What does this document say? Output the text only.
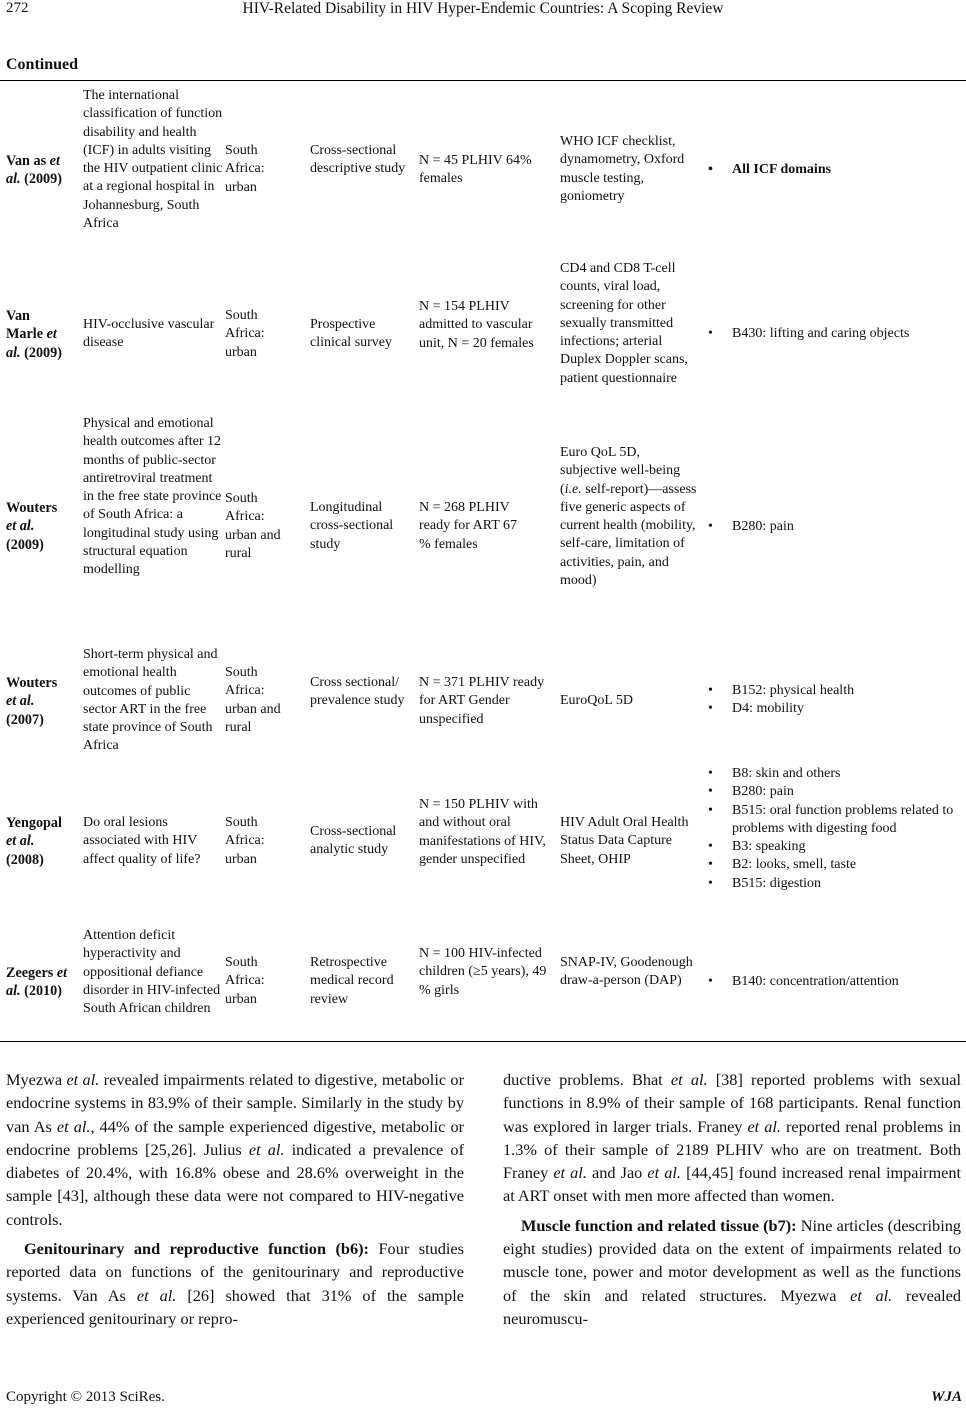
272	HIV-Related Disability in HIV Hyper-Endemic Countries: A Scoping Review
Continued
Van as et
al. (2009)
The international classification of function disability and health (ICF) in adults visiting the HIV outpatient clinic at a regional hospital in Johannesburg, South Africa
South Africa: urban
Cross-sectional descriptive study
N = 45 PLHIV 64% females
WHO ICF checklist, dynamometry, Oxford muscle testing, goniometry
• All ICF domains
Van
Marle et
al. (2009)
HIV-occlusive vascular disease
South Africa: urban
Prospective clinical survey
N = 154 PLHIV admitted to vascular unit, N = 20 females
CD4 and CD8 T-cell counts, viral load, screening for other sexually transmitted infections; arterial Duplex Doppler scans, patient questionnaire
• B430: lifting and caring objects
Wouters
et al.
(2009)
Physical and emotional health outcomes after 12 months of public-sector antiretroviral treatment in the free state province of South Africa: a longitudinal study using structural equation modelling
South Africa: urban and rural
Longitudinal cross-sectional study
N = 268 PLHIV ready for ART 67 % females
Euro QoL 5D, subjective well-being (i.e. self-report)—assess five generic aspects of current health (mobility, self-care, limitation of activities, pain, and mood)
• B280: pain
Wouters
et al.
(2007)
Short-term physical and emotional health outcomes of public sector ART in the free state province of South Africa
South Africa: urban and rural
Cross sectional/ prevalence study
N = 371 PLHIV ready for ART Gender unspecified
EuroQoL 5D
• B152: physical health
• D4: mobility
Yengopal
et al.
(2008)
Do oral lesions associated with HIV affect quality of life?
South Africa: urban
Cross-sectional analytic study
N = 150 PLHIV with and without oral manifestations of HIV, gender unspecified
HIV Adult Oral Health Status Data Capture Sheet, OHIP
• B8: skin and others
• B280: pain
• B515: oral function problems related to problems with digesting food
• B3: speaking
• B2: looks, smell, taste
• B515: digestion
Zeegers et
al. (2010)
Attention deficit hyperactivity and oppositional defiance disorder in HIV-infected South African children
South Africa: urban
Retrospective medical record review
N = 100 HIV-infected children (≥5 years), 49 % girls
SNAP-IV, Goodenough draw-a-person (DAP)
•	B140: concentration/attention

Myezwa et al. revealed impairments related to digestive, metabolic or endocrine systems in 83.9% of their sample. Similarly in the study by van As et al., 44% of the sample experienced digestive, metabolic or endocrine problems [25,26]. Julius et al. indicated a prevalence of diabetes of 20.4%, with 16.8% obese and 28.6% overweight in the sample [43], although these data were not compared to HIV-negative controls.

Genitourinary and reproductive function (b6): Four studies reported data on functions of the genitourinary and reproductive systems. Van As et al. [26] showed that 31% of the sample experienced genitourinary or repro-

ductive problems. Bhat et al. [38] reported problems with sexual functions in 8.9% of their sample of 168 participants. Renal function was explored in larger trials. Franey et al. reported renal problems in 1.3% of their sample of 2189 PLHIV who are on treatment. Both Franey et al. and Jao et al. [44,45] found increased renal impairment at ART onset with men more affected than women.

Muscle function and related tissue (b7): Nine articles (describing eight studies) provided data on the extent of impairments related to muscle tone, power and motor development as well as the functions of the skin and related structures. Myezwa et al. revealed neuromuscu-

Copyright © 2013 SciRes.	WJA
